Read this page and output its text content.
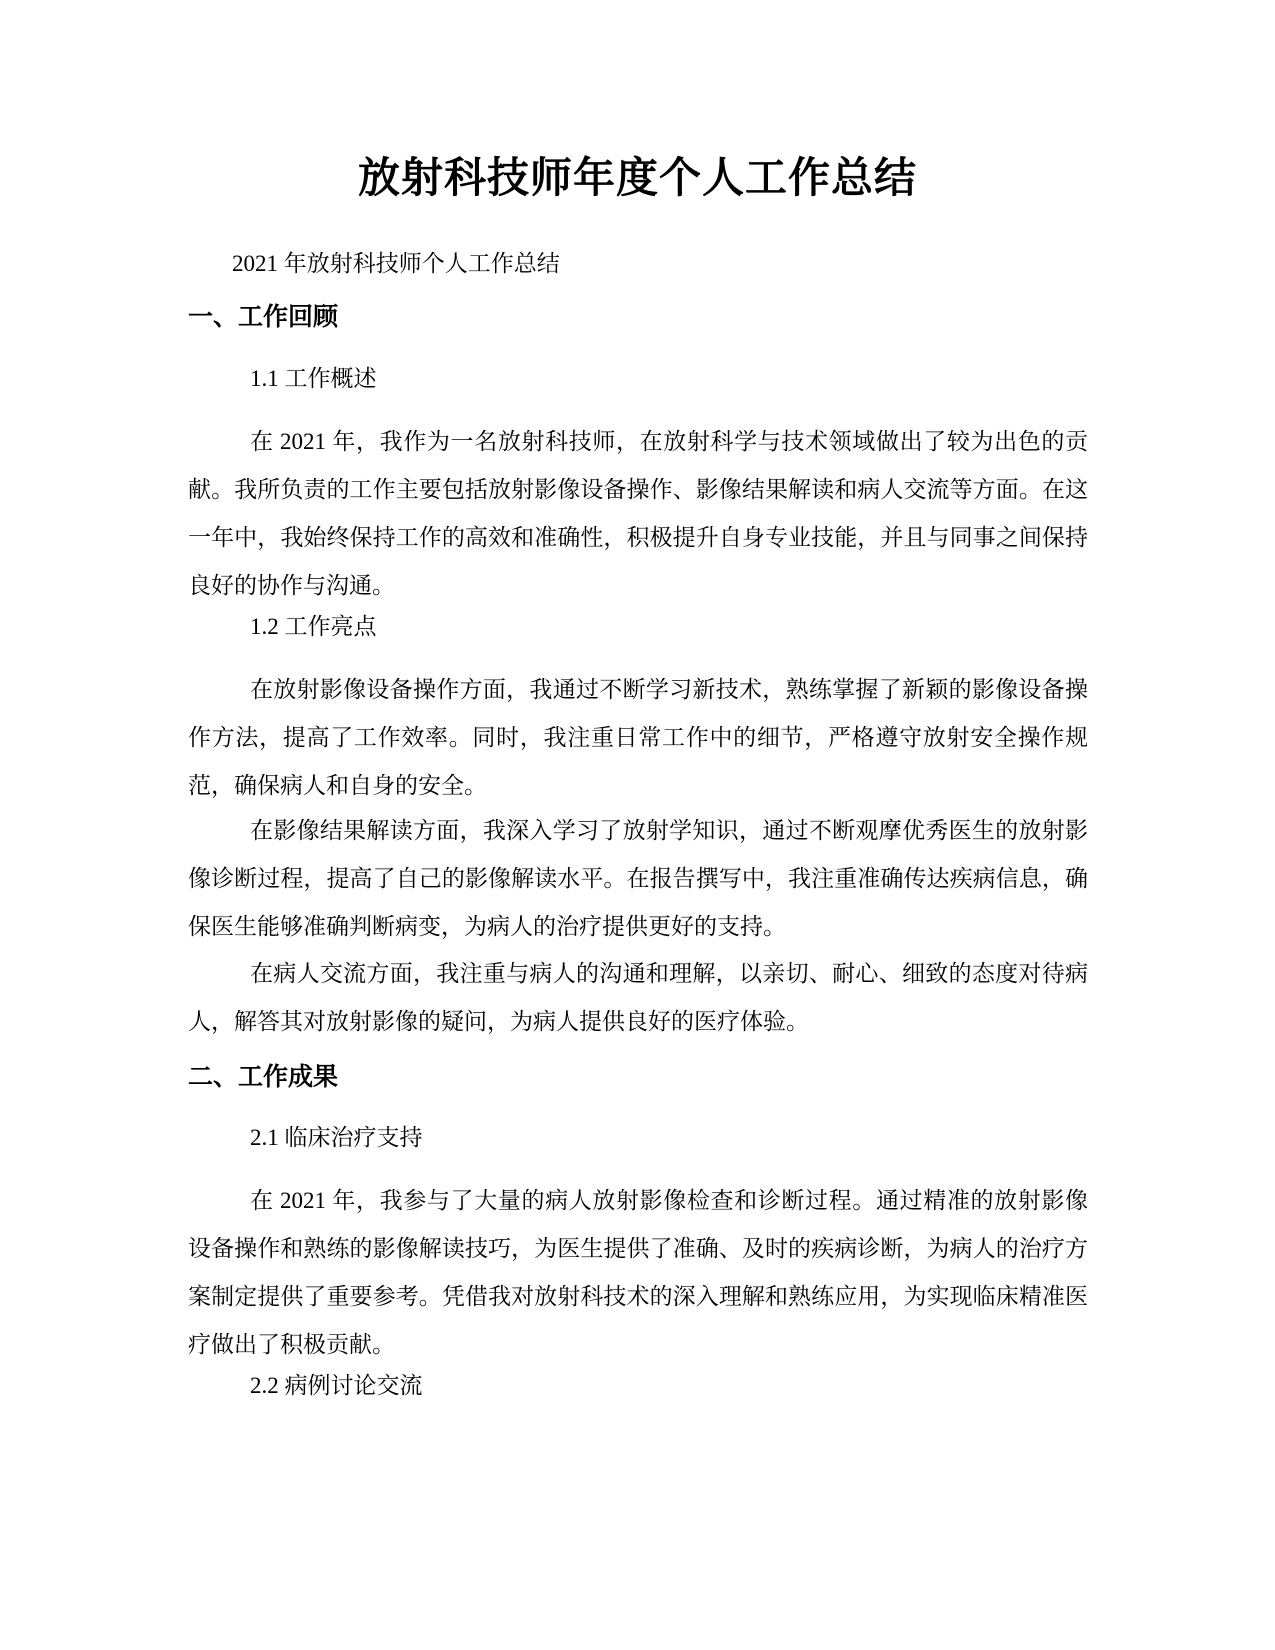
放射科技师年度个人工作总结
2021 年放射科技师个人工作总结
一、工作回顾
1.1 工作概述

在 2021 年，我作为一名放射科技师，在放射科学与技术领域做出了较为出色的贡献。我所负责的工作主要包括放射影像设备操作、影像结果解读和病人交流等方面。在这一年中，我始终保持工作的高效和准确性，积极提升自身专业技能，并且与同事之间保持良好的协作与沟通。

1.2 工作亮点

在放射影像设备操作方面，我通过不断学习新技术，熟练掌握了新颖的影像设备操作方法，提高了工作效率。同时，我注重日常工作中的细节，严格遵守放射安全操作规范，确保病人和自身的安全。

在影像结果解读方面，我深入学习了放射学知识，通过不断观摩优秀医生的放射影像诊断过程，提高了自己的影像解读水平。在报告撰写中，我注重准确传达疾病信息，确保医生能够准确判断病变，为病人的治疗提供更好的支持。

在病人交流方面，我注重与病人的沟通和理解，以亲切、耐心、细致的态度对待病人，解答其对放射影像的疑问，为病人提供良好的医疗体验。

二、工作成果
2.1 临床治疗支持

在 2021 年，我参与了大量的病人放射影像检查和诊断过程。通过精准的放射影像设备操作和熟练的影像解读技巧，为医生提供了准确、及时的疾病诊断，为病人的治疗方案制定提供了重要参考。凭借我对放射科技术的深入理解和熟练应用，为实现临床精准医疗做出了积极贡献。

2.2 病例讨论交流
